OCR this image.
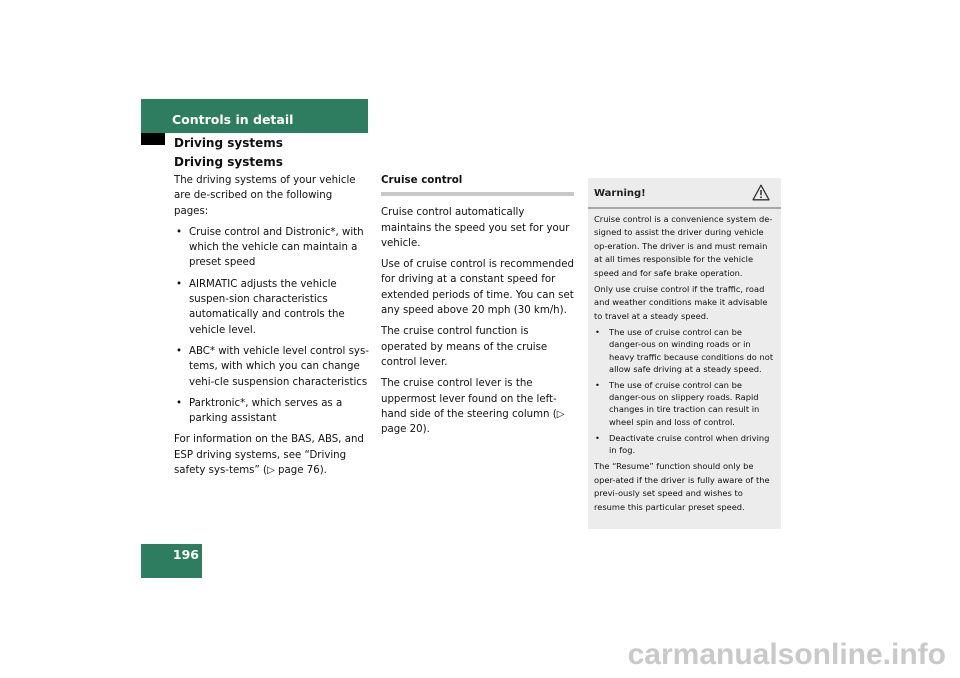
Controls in detail
Driving systems
Driving systems

The driving systems of your vehicle are de-scribed on the following pages:

• Cruise control and Distronic*, with which the vehicle can maintain a preset speed
• AIRMATIC adjusts the vehicle suspen-sion characteristics automatically and controls the vehicle level.
• ABC* with vehicle level control sys-tems, with which you can change vehi-cle suspension characteristics
• Parktronic*, which serves as a parking assistant

For information on the BAS, ABS, and ESP driving systems, see “Driving safety sys-tems” (▷ page 76).

Cruise control

Cruise control automatically maintains the speed you set for your vehicle.

Use of cruise control is recommended for driving at a constant speed for extended periods of time. You can set any speed above 20 mph (30 km/h).

The cruise control function is operated by means of the cruise control lever.

The cruise control lever is the uppermost lever found on the left-hand side of the steering column (▷ page 20).

Warning!

Cruise control is a convenience system de-signed to assist the driver during vehicle op-eration. The driver is and must remain at all times responsible for the vehicle speed and for safe brake operation.

Only use cruise control if the traffic, road and weather conditions make it advisable to travel at a steady speed.

• The use of cruise control can be danger-ous on winding roads or in heavy traffic because conditions do not allow safe driving at a steady speed.
• The use of cruise control can be danger-ous on slippery roads. Rapid changes in tire traction can result in wheel spin and loss of control.
• Deactivate cruise control when driving in fog.

The “Resume” function should only be oper-ated if the driver is fully aware of the previ-ously set speed and wishes to resume this particular preset speed.

196
carmanualsonline.info
